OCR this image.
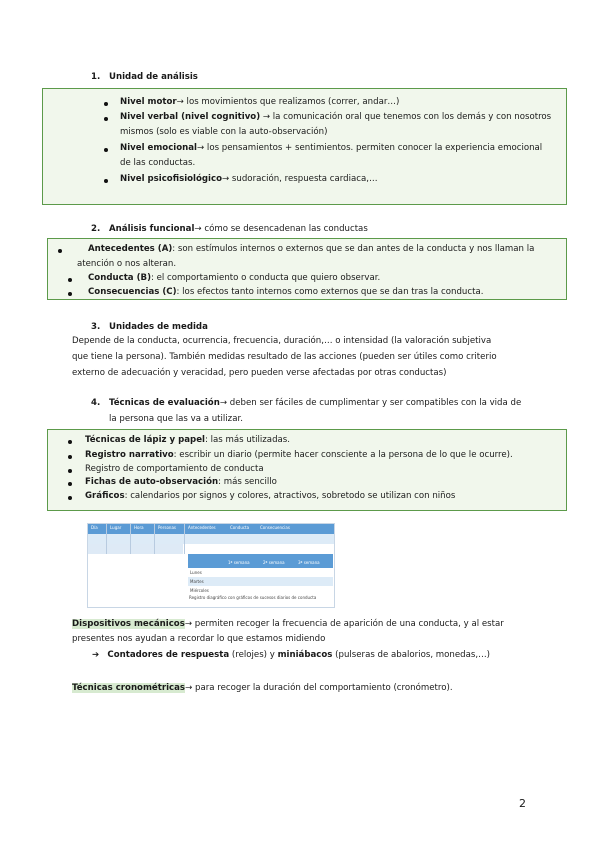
1. Unidad de análisis
Nivel motor→ los movimientos que realizamos (correr, andar…)
Nivel verbal (nivel cognitivo) → la comunicación oral que tenemos con los demás y con nosotros
mismos (solo es viable con la auto-observación)
Nivel emocional→ los pensamientos + sentimientos. permiten conocer la experiencia emocional
de las conductas.
Nivel psicofisiológico→ sudoración, respuesta cardiaca,…
2. Análisis funcional→ cómo se desencadenan las conductas
Antecedentes (A): son estímulos internos o externos que se dan antes de la conducta y nos llaman la
atención o nos alteran.
Conducta (B): el comportamiento o conducta que quiero observar.
Consecuencias (C): los efectos tanto internos como externos que se dan tras la conducta.
3. Unidades de medida
Depende de la conducta, ocurrencia, frecuencia, duración,… o intensidad (la valoración subjetiva
que tiene la persona). También medidas resultado de las acciones (pueden ser útiles como criterio
externo de adecuación y veracidad, pero pueden verse afectadas por otras conductas)
4. Técnicas de evaluación→ deben ser fáciles de cumplimentar y ser compatibles con la vida de
la persona que las va a utilizar.
Técnicas de lápiz y papel: las más utilizadas.
Registro narrativo: escribir un diario (permite hacer consciente a la persona de lo que le ocurre).
Registro de comportamiento de conducta
Fichas de auto-observación: más sencillo
Gráficos: calendarios por signos y colores, atractivos, sobretodo se utilizan con niños
Día	Lugar	Hora	Personas	Antecedentes	Conducta	Consecuencias
1ª semana	2ª semana	3ª semana
Lunes
Martes
Miércoles
Registro diagráfico con gráficos de sucesos diarios de conducta
Dispositivos mecánicos→ permiten recoger la frecuencia de aparición de una conducta, y al estar
presentes nos ayudan a recordar lo que estamos midiendo
➔ Contadores de respuesta (relojes) y miniábacos (pulseras de abalorios, monedas,…)
Técnicas cronométricas→ para recoger la duración del comportamiento (cronómetro).
2
